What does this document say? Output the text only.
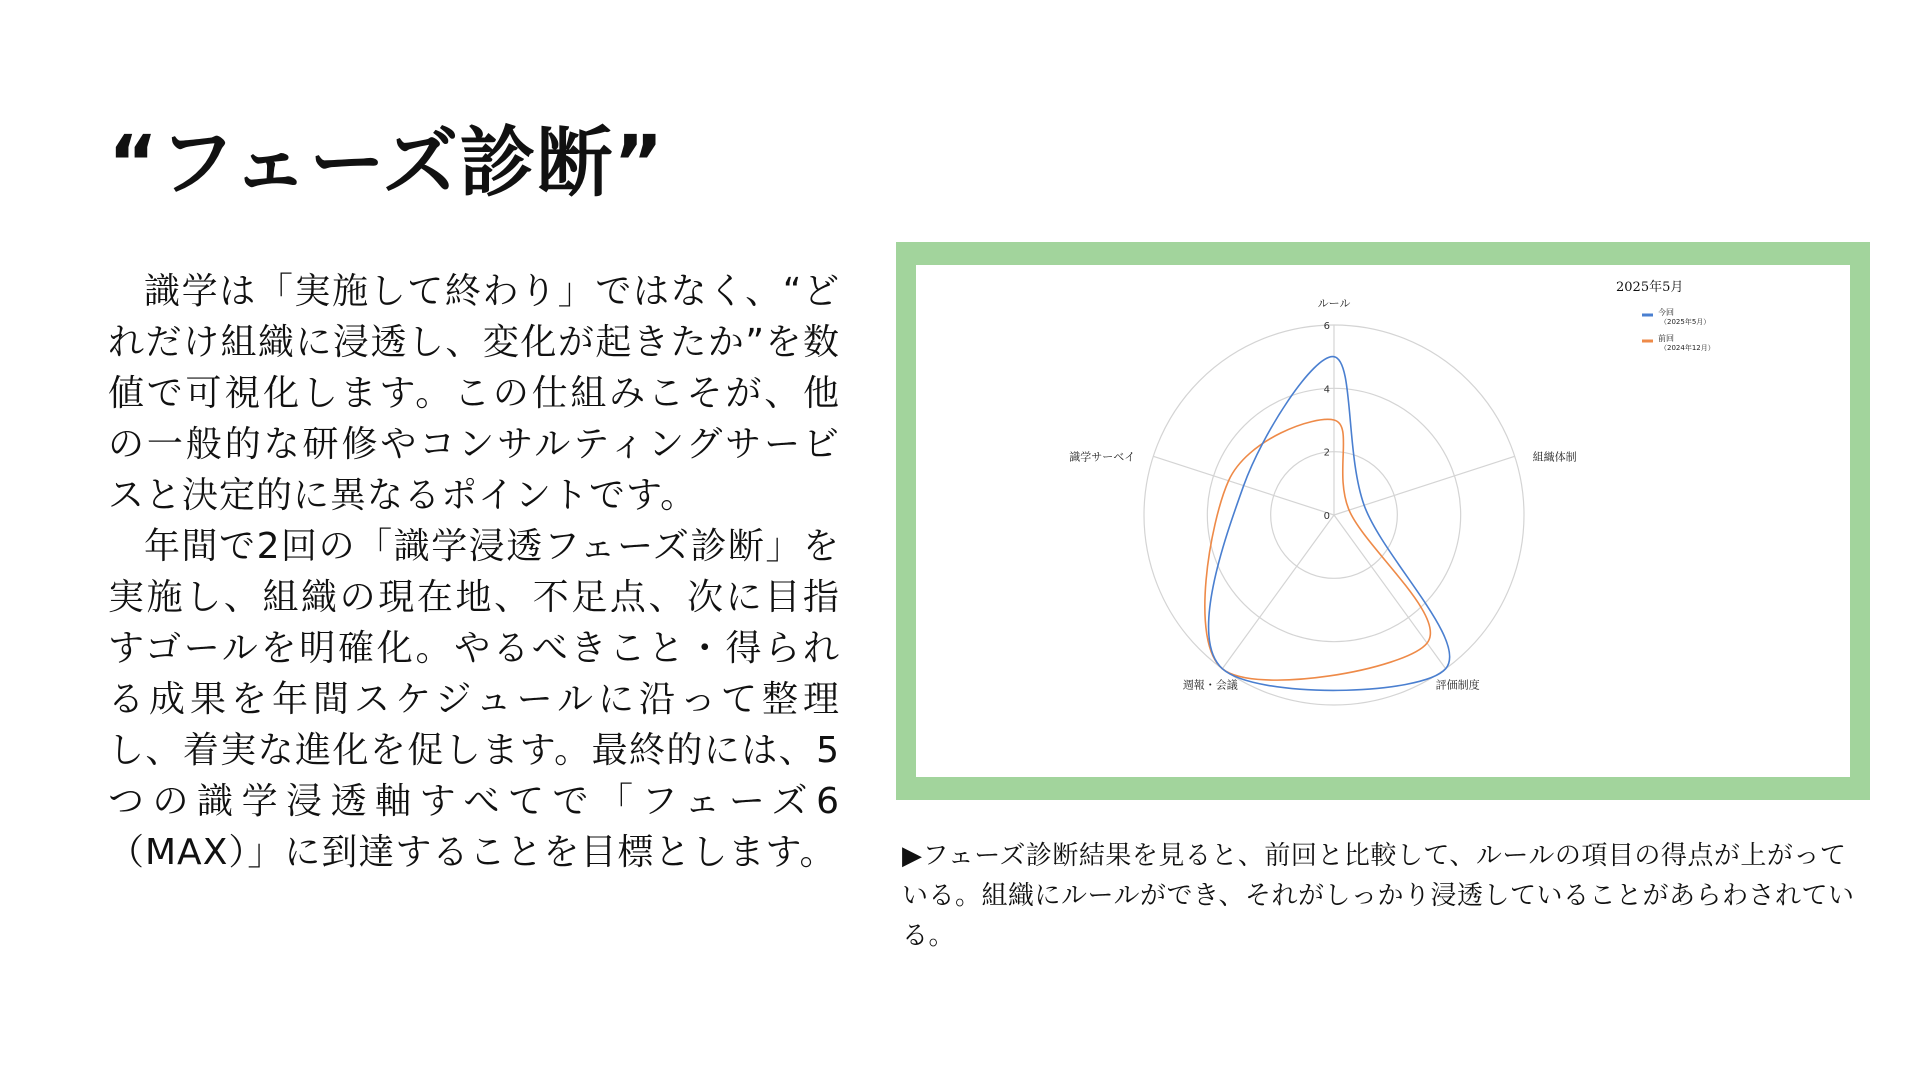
“フェーズ診断”

識学は「実施して終わり」ではなく、“どれだけ組織に浸透し、変化が起きたか”を数値で可視化します。この仕組みこそが、他の一般的な研修やコンサルティングサービスと決定的に異なるポイントです。

年間で2回の「識学浸透フェーズ診断」を実施し、組織の現在地、不足点、次に目指すゴールを明確化。やるべきこと・得られる成果を年間スケジュールに沿って整理し、着実な進化を促します。最終的には、5つの識学浸透軸すべてで「フェーズ6（MAX）」に到達することを目標とします。

0
2
4
6
ルール
組織体制
評価制度
週報・会議
識学サーベイ
2025年5月
今回
（2025年5月）
前回
（2024年12月）
▶フェーズ診断結果を見ると、前回と比較して、ルールの項目の得点が上がっている。組織にルールができ、それがしっかり浸透していることがあらわされている。
